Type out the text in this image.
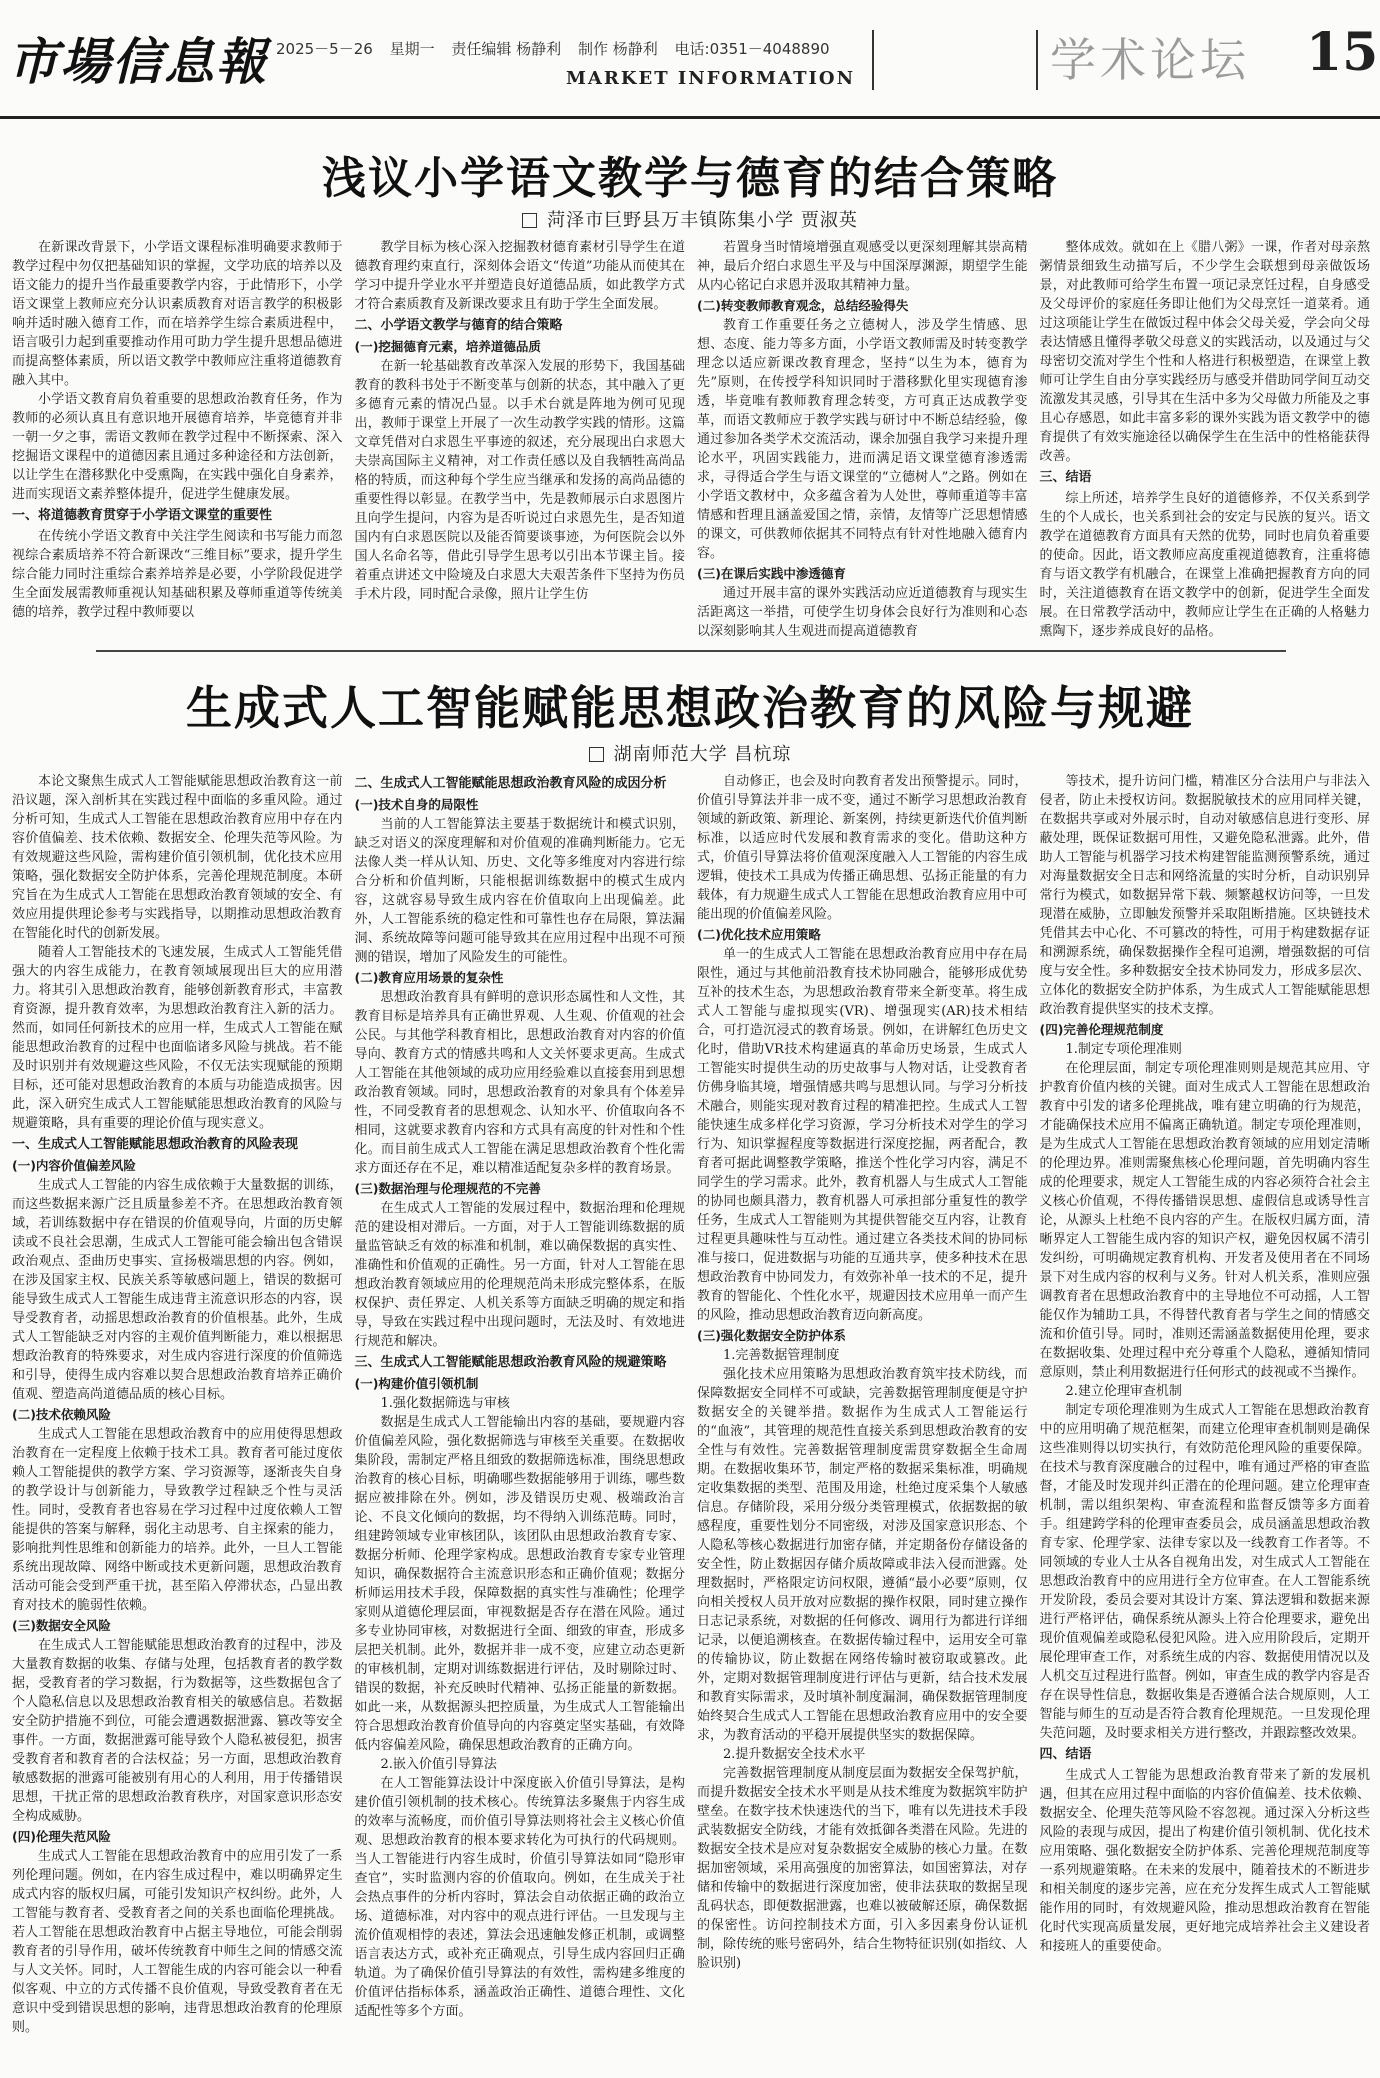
市場信息報 2025－5－26 星期一 责任编辑 杨静利 制作 杨静利 电话:0351－4048890
MARKET INFORMATION	学术论坛 15
浅议小学语文教学与德育的结合策略
菏泽市巨野县万丰镇陈集小学 贾淑英

在新课改背景下，小学语文课程标准明确要求教师于教学过程中勿仅把基础知识的掌握，文学功底的培养以及语文能力的提升当作最重要教学内容，于此情形下，小学语文课堂上教师应充分认识素质教育对语言教学的积极影响并适时融入德育工作，而在培养学生综合素质进程中，语言吸引力起到重要推动作用可助力学生提升思想品德进而提高整体素质，所以语文教学中教师应注重将道德教育融入其中。

小学语文教育肩负着重要的思想政治教育任务，作为教师的必须认真且有意识地开展德育培养，毕竟德育并非一朝一夕之事，需语文教师在教学过程中不断探索、深入挖掘语文课程中的道德因素且通过多种途径和方法创新，以让学生在潜移默化中受熏陶，在实践中强化自身素养，进而实现语文素养整体提升，促进学生健康发展。

一、将道德教育贯穿于小学语文课堂的重要性

在传统小学语文教育中关注学生阅读和书写能力而忽视综合素质培养不符合新课改“三维目标”要求，提升学生综合能力同时注重综合素养培养是必要，小学阶段促进学生全面发展需教师重视认知基础积累及尊师重道等传统美德的培养，教学过程中教师要以

教学目标为核心深入挖掘教材德育素材引导学生在道德教育理约束直行，深刻体会语文“传道”功能从而使其在学习中提升学业水平并塑造良好道德品质，如此教学方式才符合素质教育及新课改要求且有助于学生全面发展。

二、小学语文教学与德育的结合策略
(一)挖掘德育元素，培养道德品质

在新一轮基础教育改革深入发展的形势下，我国基础教育的教科书处于不断变革与创新的状态，其中融入了更多德育元素的情况凸显。以手术台就是阵地为例可见现出，教师于课堂上开展了一次生动教学实践的情形。这篇文章凭借对白求恩生平事迹的叙述，充分展现出白求恩大夫崇高国际主义精神，对工作责任感以及自我牺牲高尚品格的特质，而这种每个学生应当继承和发扬的高尚品德的重要性得以彰显。在教学当中，先是教师展示白求恩图片且向学生提问，内容为是否听说过白求恩先生，是否知道国内有白求恩医院以及能否简要谈事迹，为何医院会以外国人名命名等，借此引导学生思考以引出本节课主旨。接着重点讲述文中险境及白求恩大夫艰苦条件下坚持为伤员手术片段，同时配合录像，照片让学生仿

若置身当时情境增强直观感受以更深刻理解其崇高精神，最后介绍白求恩生平及与中国深厚渊源，期望学生能从内心铭记白求恩并汲取其精神力量。

(二)转变教师教育观念，总结经验得失

教育工作重要任务之立德树人，涉及学生情感、思想、态度、能力等多方面，小学语文教师需及时转变教学理念以适应新课改教育理念，坚持“以生为本，德育为先”原则，在传授学科知识同时于潜移默化里实现德育渗透，毕竟唯有教师教育理念转变，方可真正达成教学变革，而语文教师应于教学实践与研讨中不断总结经验，像通过参加各类学术交流活动，课余加强自我学习来提升理论水平，巩固实践能力，进而满足语文课堂德育渗透需求，寻得适合学生与语文课堂的“立德树人”之路。例如在小学语文教材中，众多蕴含着为人处世，尊师重道等丰富情感和哲理且涵盖爱国之情，亲情，友情等广泛思想情感的课文，可供教师依据其不同特点有针对性地融入德育内容。

(三)在课后实践中渗透德育

通过开展丰富的课外实践活动应近道德教育与现实生活距离这一举措，可使学生切身体会良好行为准则和心态以深刻影响其人生观进而提高道德教育

整体成效。就如在上《腊八粥》一课，作者对母亲熬粥情景细致生动描写后，不少学生会联想到母亲做饭场景，对此教师可给学生布置一项记录烹饪过程，自身感受及父母评价的家庭任务即让他们为父母烹饪一道菜肴。通过这项能让学生在做饭过程中体会父母关爱，学会向父母表达情感且懂得孝敬父母意义的实践活动，以及通过与父母密切交流对学生个性和人格进行积极塑造，在课堂上教师可让学生自由分享实践经历与感受并借助同学间互动交流激发其灵感，引导其在生活中多为父母做力所能及之事且心存感恩，如此丰富多彩的课外实践为语文教学中的德育提供了有效实施途径以确保学生在生活中的性格能获得改善。

三、结语

综上所述，培养学生良好的道德修养，不仅关系到学生的个人成长，也关系到社会的安定与民族的复兴。语文教学在道德教育方面具有天然的优势，同时也肩负着重要的使命。因此，语文教师应高度重视道德教育，注重将德育与语文教学有机融合，在课堂上准确把握教育方向的同时，关注道德教育在语文教学中的创新，促进学生全面发展。在日常教学活动中，教师应让学生在正确的人格魅力熏陶下，逐步养成良好的品格。

生成式人工智能赋能思想政治教育的风险与规避
湖南师范大学 昌杭琼

本论文聚焦生成式人工智能赋能思想政治教育这一前沿议题，深入剖析其在实践过程中面临的多重风险。通过分析可知，生成式人工智能在思想政治教育应用中存在内容价值偏差、技术依赖、数据安全、伦理失范等风险。为有效规避这些风险，需构建价值引领机制，优化技术应用策略，强化数据安全防护体系，完善伦理规范制度。本研究旨在为生成式人工智能在思想政治教育领域的安全、有效应用提供理论参考与实践指导，以期推动思想政治教育在智能化时代的创新发展。

随着人工智能技术的飞速发展，生成式人工智能凭借强大的内容生成能力，在教育领域展现出巨大的应用潜力。将其引入思想政治教育，能够创新教育形式，丰富教育资源，提升教育效率，为思想政治教育注入新的活力。然而，如同任何新技术的应用一样，生成式人工智能在赋能思想政治教育的过程中也面临诸多风险与挑战。若不能及时识别并有效规避这些风险，不仅无法实现赋能的预期目标，还可能对思想政治教育的本质与功能造成损害。因此，深入研究生成式人工智能赋能思想政治教育的风险与规避策略，具有重要的理论价值与现实意义。

一、生成式人工智能赋能思想政治教育的风险表现
(一)内容价值偏差风险

生成式人工智能的内容生成依赖于大量数据的训练，而这些数据来源广泛且质量参差不齐。在思想政治教育领域，若训练数据中存在错误的价值观导向，片面的历史解读或不良社会思潮，生成式人工智能可能会输出包含错误政治观点、歪曲历史事实、宣扬极端思想的内容。例如，在涉及国家主权、民族关系等敏感问题上，错误的数据可能导致生成式人工智能生成违背主流意识形态的内容，误导受教育者，动摇思想政治教育的价值根基。此外，生成式人工智能缺乏对内容的主观价值判断能力，难以根据思想政治教育的特殊要求，对生成内容进行深度的价值筛选和引导，使得生成内容难以契合思想政治教育培养正确价值观、塑造高尚道德品质的核心目标。

(二)技术依赖风险

生成式人工智能在思想政治教育中的应用使得思想政治教育在一定程度上依赖于技术工具。教育者可能过度依赖人工智能提供的教学方案、学习资源等，逐渐丧失自身的教学设计与创新能力，导致教学过程缺乏个性与灵活性。同时，受教育者也容易在学习过程中过度依赖人工智能提供的答案与解释，弱化主动思考、自主探索的能力，影响批判性思维和创新能力的培养。此外，一旦人工智能系统出现故障、网络中断或技术更新问题，思想政治教育活动可能会受到严重干扰，甚至陷入停滞状态，凸显出教育对技术的脆弱性依赖。

(三)数据安全风险

在生成式人工智能赋能思想政治教育的过程中，涉及大量教育数据的收集、存储与处理，包括教育者的教学数据，受教育者的学习数据，行为数据等，这些数据包含了个人隐私信息以及思想政治教育相关的敏感信息。若数据安全防护措施不到位，可能会遭遇数据泄露、篡改等安全事件。一方面，数据泄露可能导致个人隐私被侵犯，损害受教育者和教育者的合法权益；另一方面，思想政治教育敏感数据的泄露可能被别有用心的人利用，用于传播错误思想，干扰正常的思想政治教育秩序，对国家意识形态安全构成威胁。

(四)伦理失范风险

生成式人工智能在思想政治教育中的应用引发了一系列伦理问题。例如，在内容生成过程中，难以明确界定生成式内容的版权归属，可能引发知识产权纠纷。此外，人工智能与教育者、受教育者之间的关系也面临伦理挑战。若人工智能在思想政治教育中占据主导地位，可能会削弱教育者的引导作用，破坏传统教育中师生之间的情感交流与人文关怀。同时，人工智能生成的内容可能会以一种看似客观、中立的方式传播不良价值观，导致受教育者在无意识中受到错误思想的影响，违背思想政治教育的伦理原则。

二、生成式人工智能赋能思想政治教育风险的成因分析
(一)技术自身的局限性

当前的人工智能算法主要基于数据统计和模式识别，缺乏对语义的深度理解和对价值观的准确判断能力。它无法像人类一样从认知、历史、文化等多维度对内容进行综合分析和价值判断，只能根据训练数据中的模式生成内容，这就容易导致生成内容在价值取向上出现偏差。此外，人工智能系统的稳定性和可靠性也存在局限，算法漏洞、系统故障等问题可能导致其在应用过程中出现不可预测的错误，增加了风险发生的可能性。

(二)教育应用场景的复杂性

思想政治教育具有鲜明的意识形态属性和人文性，其教育目标是培养具有正确世界观、人生观、价值观的社会公民。与其他学科教育相比，思想政治教育对内容的价值导向、教育方式的情感共鸣和人文关怀要求更高。生成式人工智能在其他领域的成功应用经验难以直接套用到思想政治教育领域。同时，思想政治教育的对象具有个体差异性，不同受教育者的思想观念、认知水平、价值取向各不相同，这就要求教育内容和方式具有高度的针对性和个性化。而目前生成式人工智能在满足思想政治教育个性化需求方面还存在不足，难以精准适配复杂多样的教育场景。

(三)数据治理与伦理规范的不完善

在生成式人工智能的发展过程中，数据治理和伦理规范的建设相对滞后。一方面，对于人工智能训练数据的质量监管缺乏有效的标准和机制，难以确保数据的真实性、准确性和价值观的正确性。另一方面，针对人工智能在思想政治教育领域应用的伦理规范尚未形成完整体系，在版权保护、责任界定、人机关系等方面缺乏明确的规定和指导，导致在实践过程中出现问题时，无法及时、有效地进行规范和解决。

三、生成式人工智能赋能思想政治教育风险的规避策略
(一)构建价值引领机制

1.强化数据筛选与审核

数据是生成式人工智能输出内容的基础，要规避内容价值偏差风险，强化数据筛选与审核至关重要。在数据收集阶段，需制定严格且细致的数据筛选标准，围绕思想政治教育的核心目标，明确哪些数据能够用于训练，哪些数据应被排除在外。例如，涉及错误历史观、极端政治言论、不良文化倾向的数据，均不得纳入训练范畴。同时，组建跨领域专业审核团队，该团队由思想政治教育专家、数据分析师、伦理学家构成。思想政治教育专家专业管理知识，确保数据符合主流意识形态和正确价值观；数据分析师运用技术手段，保障数据的真实性与准确性；伦理学家则从道德伦理层面，审视数据是否存在潜在风险。通过多专业协同审核，对数据进行全面、细致的审查，形成多层把关机制。此外，数据并非一成不变，应建立动态更新的审核机制，定期对训练数据进行评估，及时剔除过时、错误的数据，补充反映时代精神、弘扬正能量的新数据。如此一来，从数据源头把控质量，为生成式人工智能输出符合思想政治教育价值导向的内容奠定坚实基础，有效降低内容偏差风险，确保思想政治教育的正确方向。

2.嵌入价值引导算法

在人工智能算法设计中深度嵌入价值引导算法，是构建价值引领机制的技术核心。传统算法多聚焦于内容生成的效率与流畅度，而价值引导算法则将社会主义核心价值观、思想政治教育的根本要求转化为可执行的代码规则。当人工智能进行内容生成时，价值引导算法如同“隐形审查官”，实时监测内容的价值取向。例如，在生成关于社会热点事件的分析内容时，算法会自动依据正确的政治立场、道德标准，对内容中的观点进行评估。一旦发现与主流价值观相悖的表述，算法会迅速触发修正机制，或调整语言表达方式，或补充正确观点，引导生成内容回归正确轨道。为了确保价值引导算法的有效性，需构建多维度的价值评估指标体系，涵盖政治正确性、道德合理性、文化适配性等多个方面。

自动修正，也会及时向教育者发出预警提示。同时，价值引导算法并非一成不变，通过不断学习思想政治教育领域的新政策、新理论、新案例，持续更新迭代价值判断标准，以适应时代发展和教育需求的变化。借助这种方式，价值引导算法将价值观深度融入人工智能的内容生成逻辑，使技术工具成为传播正确思想、弘扬正能量的有力载体，有力规避生成式人工智能在思想政治教育应用中可能出现的价值偏差风险。

(二)优化技术应用策略

单一的生成式人工智能在思想政治教育应用中存在局限性，通过与其他前沿教育技术协同融合，能够形成优势互补的技术生态，为思想政治教育带来全新变革。将生成式人工智能与虚拟现实(VR)、增强现实(AR)技术相结合，可打造沉浸式的教育场景。例如，在讲解红色历史文化时，借助VR技术构建逼真的革命历史场景，生成式人工智能实时提供生动的历史故事与人物对话，让受教育者仿佛身临其境，增强情感共鸣与思想认同。与学习分析技术融合，则能实现对教育过程的精准把控。生成式人工智能快速生成多样化学习资源，学习分析技术对学生的学习行为、知识掌握程度等数据进行深度挖掘，两者配合，教育者可据此调整教学策略，推送个性化学习内容，满足不同学生的学习需求。此外，教育机器人与生成式人工智能的协同也颇具潜力，教育机器人可承担部分重复性的教学任务，生成式人工智能则为其提供智能交互内容，让教育过程更具趣味性与互动性。通过建立各类技术间的协同标准与接口，促进数据与功能的互通共享，使多种技术在思想政治教育中协同发力，有效弥补单一技术的不足，提升教育的智能化、个性化水平，规避因技术应用单一而产生的风险，推动思想政治教育迈向新高度。

(三)强化数据安全防护体系

1.完善数据管理制度

强化技术应用策略为思想政治教育筑牢技术防线，而保障数据安全同样不可或缺，完善数据管理制度便是守护数据安全的关键举措。数据作为生成式人工智能运行的“血液”，其管理的规范性直接关系到思想政治教育的安全性与有效性。完善数据管理制度需贯穿数据全生命周期。在数据收集环节，制定严格的数据采集标准，明确规定收集数据的类型、范围及用途，杜绝过度采集个人敏感信息。存储阶段，采用分级分类管理模式，依据数据的敏感程度，重要性划分不同密级，对涉及国家意识形态、个人隐私等核心数据进行加密存储，并定期备份存储设备的安全性，防止数据因存储介质故障或非法入侵而泄露。处理数据时，严格限定访问权限，遵循“最小必要”原则，仅向相关授权人员开放对应数据的操作权限，同时建立操作日志记录系统，对数据的任何修改、调用行为都进行详细记录，以便追溯核查。在数据传输过程中，运用安全可靠的传输协议，防止数据在网络传输时被窃取或篡改。此外，定期对数据管理制度进行评估与更新，结合技术发展和教育实际需求，及时填补制度漏洞，确保数据管理制度始终契合生成式人工智能在思想政治教育应用中的安全要求，为教育活动的平稳开展提供坚实的数据保障。

2.提升数据安全技术水平

完善数据管理制度从制度层面为数据安全保驾护航，而提升数据安全技术水平则是从技术维度为数据筑牢防护壁垒。在数字技术快速迭代的当下，唯有以先进技术手段武装数据安全防线，才能有效抵御各类潜在风险。先进的数据安全技术是应对复杂数据安全威胁的核心力量。在数据加密领域，采用高强度的加密算法，如国密算法，对存储和传输中的数据进行深度加密，使非法获取的数据呈现乱码状态，即便数据泄露，也难以被破解还原，确保数据的保密性。访问控制技术方面，引入多因素身份认证机制，除传统的账号密码外，结合生物特征识别(如指纹、人脸识别)

等技术，提升访问门槛，精准区分合法用户与非法入侵者，防止未授权访问。数据脱敏技术的应用同样关键，在数据共享或对外展示时，自动对敏感信息进行变形、屏蔽处理，既保证数据可用性，又避免隐私泄露。此外，借助人工智能与机器学习技术构建智能监测预警系统，通过对海量数据安全日志和网络流量的实时分析，自动识别异常行为模式，如数据异常下载、频繁越权访问等，一旦发现潜在威胁，立即触发预警并采取阻断措施。区块链技术凭借其去中心化、不可篡改的特性，可用于构建数据存证和溯源系统，确保数据操作全程可追溯，增强数据的可信度与安全性。多种数据安全技术协同发力，形成多层次、立体化的数据安全防护体系，为生成式人工智能赋能思想政治教育提供坚实的技术支撑。

(四)完善伦理规范制度

1.制定专项伦理准则

在伦理层面，制定专项伦理准则则是规范其应用、守护教育价值内核的关键。面对生成式人工智能在思想政治教育中引发的诸多伦理挑战，唯有建立明确的行为规范，才能确保技术应用不偏离正确轨道。制定专项伦理准则，是为生成式人工智能在思想政治教育领域的应用划定清晰的伦理边界。准则需聚焦核心伦理问题，首先明确内容生成的伦理要求，规定人工智能生成的内容必须符合社会主义核心价值观，不得传播错误思想、虚假信息或诱导性言论，从源头上杜绝不良内容的产生。在版权归属方面，清晰界定人工智能生成内容的知识产权，避免因权属不清引发纠纷，可明确规定教育机构、开发者及使用者在不同场景下对生成内容的权利与义务。针对人机关系，准则应强调教育者在思想政治教育中的主导地位不可动摇，人工智能仅作为辅助工具，不得替代教育者与学生之间的情感交流和价值引导。同时，准则还需涵盖数据使用伦理，要求在数据收集、处理过程中充分尊重个人隐私，遵循知情同意原则，禁止利用数据进行任何形式的歧视或不当操作。

2.建立伦理审查机制

制定专项伦理准则为生成式人工智能在思想政治教育中的应用明确了规范框架，而建立伦理审查机制则是确保这些准则得以切实执行，有效防范伦理风险的重要保障。在技术与教育深度融合的过程中，唯有通过严格的审查监督，才能及时发现并纠正潜在的伦理问题。建立伦理审查机制，需以组织架构、审查流程和监督反馈等多方面着手。组建跨学科的伦理审查委员会，成员涵盖思想政治教育专家、伦理学家、法律专家以及一线教育工作者等。不同领域的专业人士从各自视角出发，对生成式人工智能在思想政治教育中的应用进行全方位审查。在人工智能系统开发阶段，委员会要对其设计方案、算法逻辑和数据来源进行严格评估，确保系统从源头上符合伦理要求，避免出现价值观偏差或隐私侵犯风险。进入应用阶段后，定期开展伦理审查工作，对系统生成的内容、数据使用情况以及人机交互过程进行监督。例如，审查生成的教学内容是否存在误导性信息，数据收集是否遵循合法合规原则，人工智能与师生的互动是否符合教育伦理规范。一旦发现伦理失范问题，及时要求相关方进行整改，并跟踪整改效果。

四、结语

生成式人工智能为思想政治教育带来了新的发展机遇，但其在应用过程中面临的内容价值偏差、技术依赖、数据安全、伦理失范等风险不容忽视。通过深入分析这些风险的表现与成因，提出了构建价值引领机制、优化技术应用策略、强化数据安全防护体系、完善伦理规范制度等一系列规避策略。在未来的发展中，随着技术的不断进步和相关制度的逐步完善，应在充分发挥生成式人工智能赋能作用的同时，有效规避风险，推动思想政治教育在智能化时代实现高质量发展，更好地完成培养社会主义建设者和接班人的重要使命。
